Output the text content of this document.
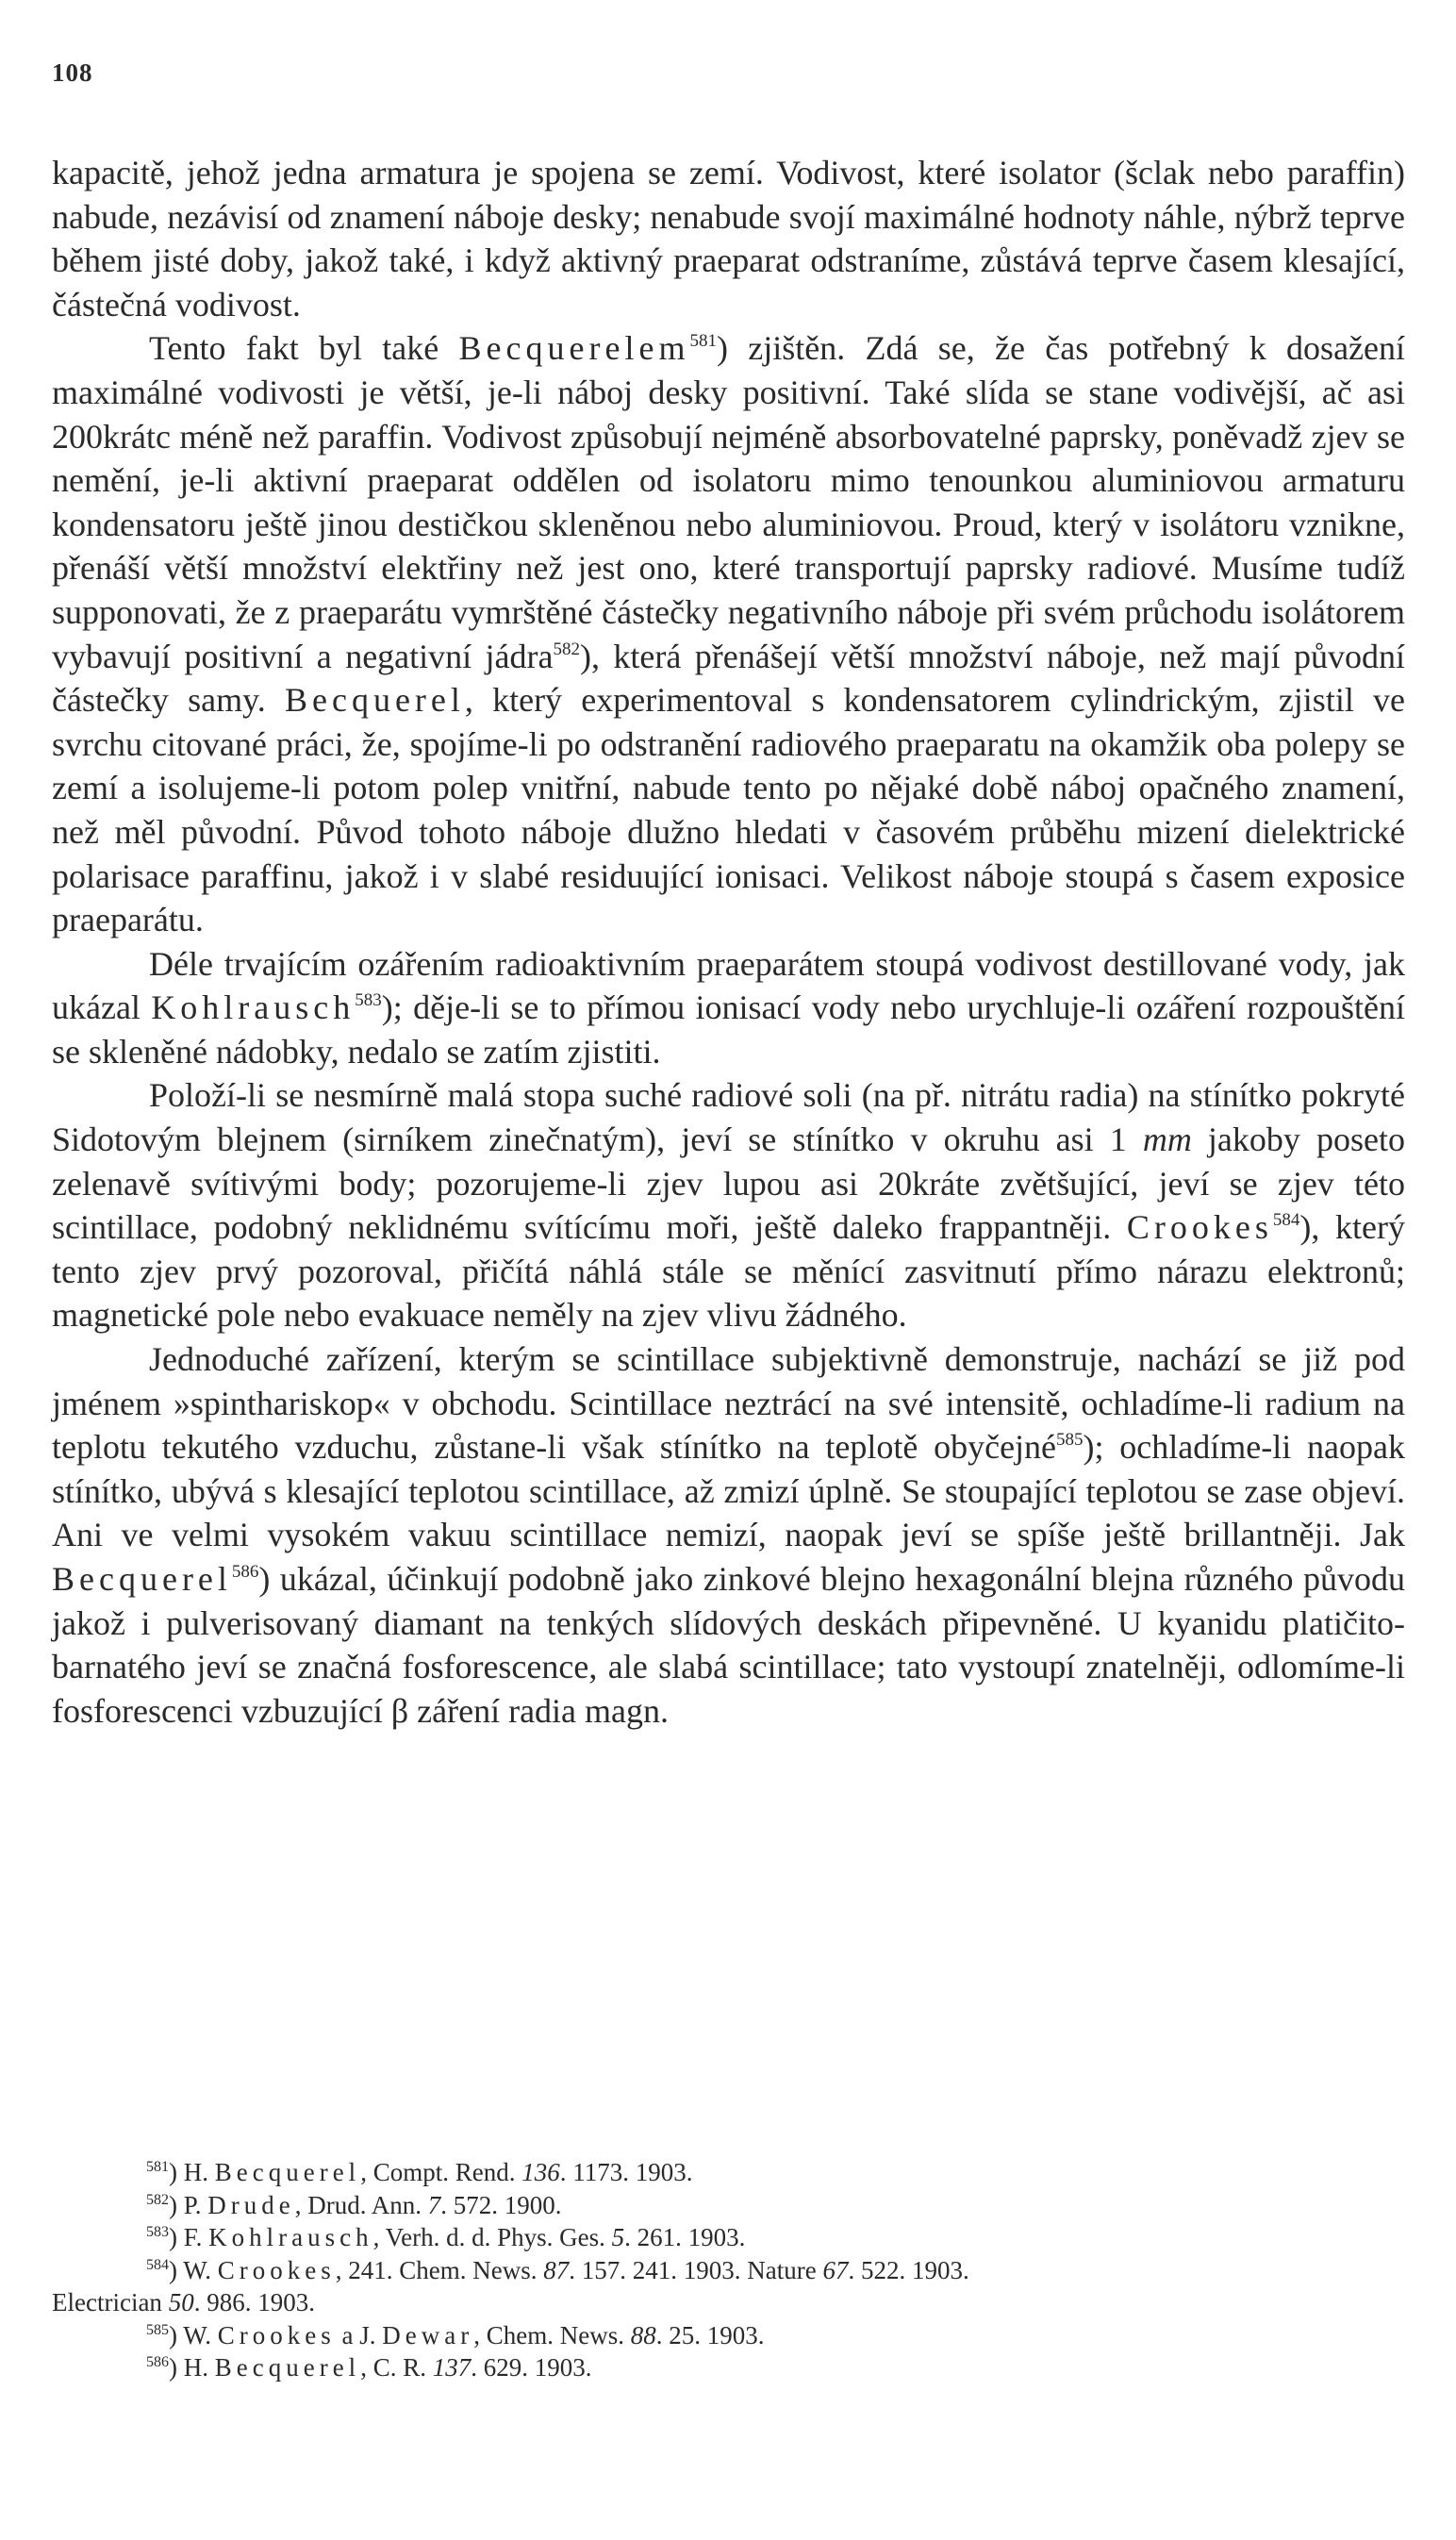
108

kapacitě, jehož jedna armatura je spojena se zemí. Vodivost, které isolator (šclak nebo paraffin) nabude, nezávisí od znamení náboje desky; nenabude svojí maximálné hodnoty náhle, nýbrž teprve během jisté doby, jakož také, i když aktivný praeparat odstraníme, zůstává teprve časem klesající, částečná vodivost.

Tento fakt byl také Becquerelem$^{581}$) zjištěn. Zdá se, že čas potřebný k dosažení maximálné vodivosti je větší, je-li náboj desky positivní. Také slída se stane vodivější, ač asi 200krátc méně než paraffin. Vodivost způsobují nejméně absorbovatelné paprsky, poněvadž zjev se nemění, je-li aktivní praeparat oddělen od isolatoru mimo tenounkou aluminiovou armaturu kondensatoru ještě jinou destičkou skleněnou nebo aluminiovou. Proud, který v isolátoru vznikne, přenáší větší množství elektřiny než jest ono, které transportují paprsky radiové. Musíme tudíž supponovati, že z praeparátu vymrštěné částečky negativního náboje při svém průchodu isolátorem vybavují positivní a negativní jádra$^{582}$), která přenášejí větší množství náboje, než mají původní částečky samy. Becquerel, který experimentoval s kondensatorem cylindrickým, zjistil ve svrchu citované práci, že, spojíme-li po odstranění radiového praeparatu na okamžik oba polepy se zemí a isolujeme-li potom polep vnitřní, nabude tento po nějaké době náboj opačného znamení, než měl původní. Původ tohoto náboje dlužno hledati v časovém průběhu mizení dielektrické polarisace paraffinu, jakož i v slabé residuující ionisaci. Velikost náboje stoupá s časem exposice praeparátu.

Déle trvajícím ozářením radioaktivním praeparátem stoupá vodivost destillované vody, jak ukázal Kohlrausch$^{583}$); děje-li se to přímou ionisací vody nebo urychluje-li ozáření rozpouštění se skleněné nádobky, nedalo se zatím zjistiti.

Položí-li se nesmírně malá stopa suché radiové soli (na př. nitrátu radia) na stínítko pokryté Sidotovým blejnem (sirníkem zinečnatým), jeví se stínítko v okruhu asi 1 mm jakoby poseto zelenavě svítivými body; pozorujeme-li zjev lupou asi 20kráte zvětšující, jeví se zjev této scintillace, podobný neklidnému svítícímu moři, ještě daleko frappantněji. Crookes$^{584}$), který tento zjev prvý pozoroval, přičítá náhlá stále se měnící zasvitnutí přímo nárazu elektronů; magnetické pole nebo evakuace neměly na zjev vlivu žádného.

Jednoduché zařízení, kterým se scintillace subjektivně demonstruje, nachází se již pod jménem »spinthariskop« v obchodu. Scintillace neztrácí na své intensitě, ochladíme-li radium na teplotu tekutého vzduchu, zůstane-li však stínítko na teplotě obyčejné$^{585}$); ochladíme-li naopak stínítko, ubývá s klesající teplotou scintillace, až zmizí úplně. Se stoupající teplotou se zase objeví. Ani ve velmi vysokém vakuu scintillace nemizí, naopak jeví se spíše ještě brillantněji. Jak Becquerel$^{586}$) ukázal, účinkují podobně jako zinkové blejno hexagonální blejna různého původu jakož i pulverisovaný diamant na tenkých slídových deskách připevněné. U kyanidu platičito-barnatého jeví se značná fosforescence, ale slabá scintillace; tato vystoupí znatelněji, odlomíme-li fosforescenci vzbuzující β záření radia magn.

$^{581}$) H. Becquerel, Compt. Rend. 136. 1173. 1903.
$^{582}$) P. Drude, Drud. Ann. 7. 572. 1900.
$^{583}$) F. Kohlrausch, Verh. d. d. Phys. Ges. 5. 261. 1903.
$^{584}$) W. Crookes, 241. Chem. News. 87. 157. 241. 1903. Nature 67. 522. 1903.
Electrician 50. 986. 1903.
$^{585}$) W. Crookes a J. Dewar, Chem. News. 88. 25. 1903.
$^{586}$) H. Becquerel, C. R. 137. 629. 1903.
